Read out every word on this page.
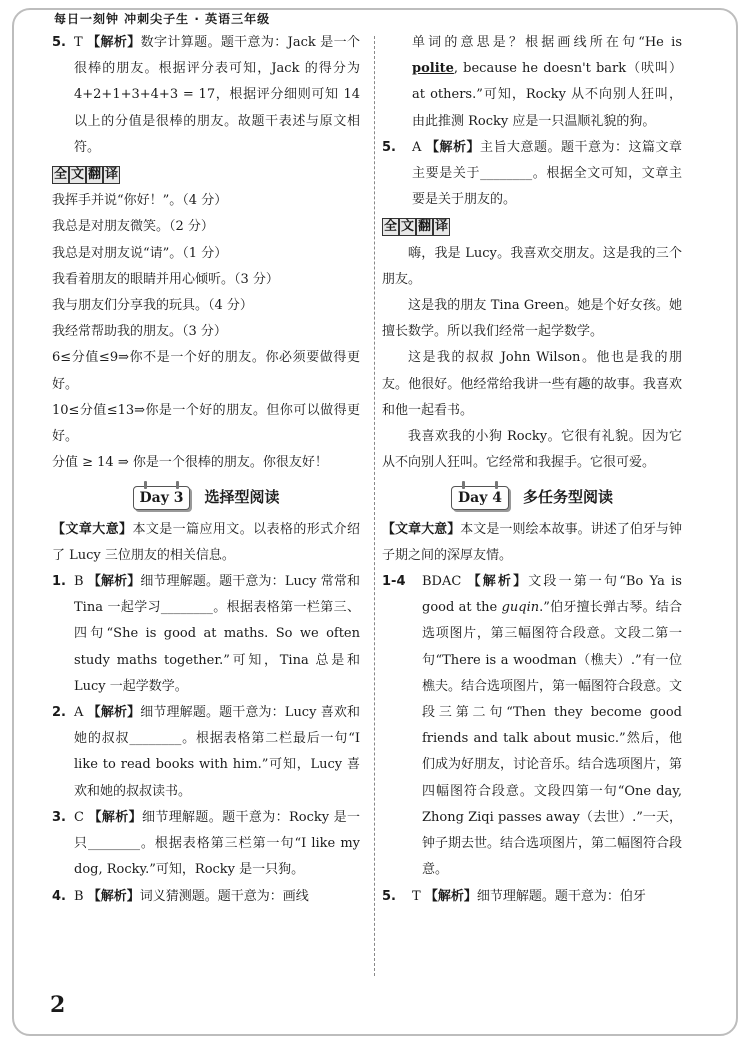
每日一刻钟 冲刺尖子生 · 英语三年级
5. T 【解析】数字计算题。题干意为：Jack 是一个很棒的朋友。根据评分表可知，Jack 的得分为 4+2+1+3+4+3 = 17，根据评分细则可知 14 以上的分值是很棒的朋友。故题干表述与原文相符。
全 文 翻 译
我挥手并说“你好！”。（4 分）
我总是对朋友微笑。（2 分）
我总是对朋友说“请”。（1 分）
我看着朋友的眼睛并用心倾听。（3 分）
我与朋友们分享我的玩具。（4 分）
我经常帮助我的朋友。（3 分）
6≤分值≤9⇒你不是一个好的朋友。你必须要做得更好。
10≤分值≤13⇒你是一个好的朋友。但你可以做得更好。
分值 ≥ 14 ⇒ 你是一个很棒的朋友。你很友好！
Day 3 选择型阅读
【文章大意】本文是一篇应用文。以表格的形式介绍了 Lucy 三位朋友的相关信息。
1. B 【解析】细节理解题。题干意为：Lucy 常常和 Tina 一起学习________。根据表格第一栏第三、四句“She is good at maths. So we often study maths together.”可知，Tina 总是和 Lucy 一起学数学。
2. A 【解析】细节理解题。题干意为：Lucy 喜欢和她的叔叔________。根据表格第二栏最后一句“I like to read books with him.”可知，Lucy 喜欢和她的叔叔读书。
3. C 【解析】细节理解题。题干意为：Rocky 是一只________。根据表格第三栏第一句“I like my dog, Rocky.”可知，Rocky 是一只狗。
4. B 【解析】词义猜测题。题干意为：画线
单词的意思是？根据画线所在句“He is polite, because he doesn't bark（吠叫）at others.”可知，Rocky 从不向别人狂叫，由此推测 Rocky 应是一只温顺礼貌的狗。
5.	A 【解析】主旨大意题。题干意为：这篇文章主要是关于________。根据全文可知，文章主要是关于朋友的。
全 文 翻 译
嗨，我是 Lucy。我喜欢交朋友。这是我的三个朋友。
这是我的朋友 Tina Green。她是个好女孩。她擅长数学。所以我们经常一起学数学。
这是我的叔叔 John Wilson。他也是我的朋友。他很好。他经常给我讲一些有趣的故事。我喜欢和他一起看书。
我喜欢我的小狗 Rocky。它很有礼貌。因为它从不向别人狂叫。它经常和我握手。它很可爱。
Day 4 多任务型阅读
【文章大意】本文是一则绘本故事。讲述了伯牙与钟子期之间的深厚友情。
1-4	BDAC 【解析】文段一第一句“Bo Ya is good at the guqin.”伯牙擅长弹古琴。结合选项图片，第三幅图符合段意。文段二第一句“There is a woodman（樵夫）.”有一位樵夫。结合选项图片，第一幅图符合段意。文段三第二句“Then they become good friends and talk about music.”然后，他们成为好朋友，讨论音乐。结合选项图片，第四幅图符合段意。文段四第一句“One day, Zhong Ziqi passes away（去世）.”一天，钟子期去世。结合选项图片，第二幅图符合段意。
5.	T 【解析】细节理解题。题干意为：伯牙
2
